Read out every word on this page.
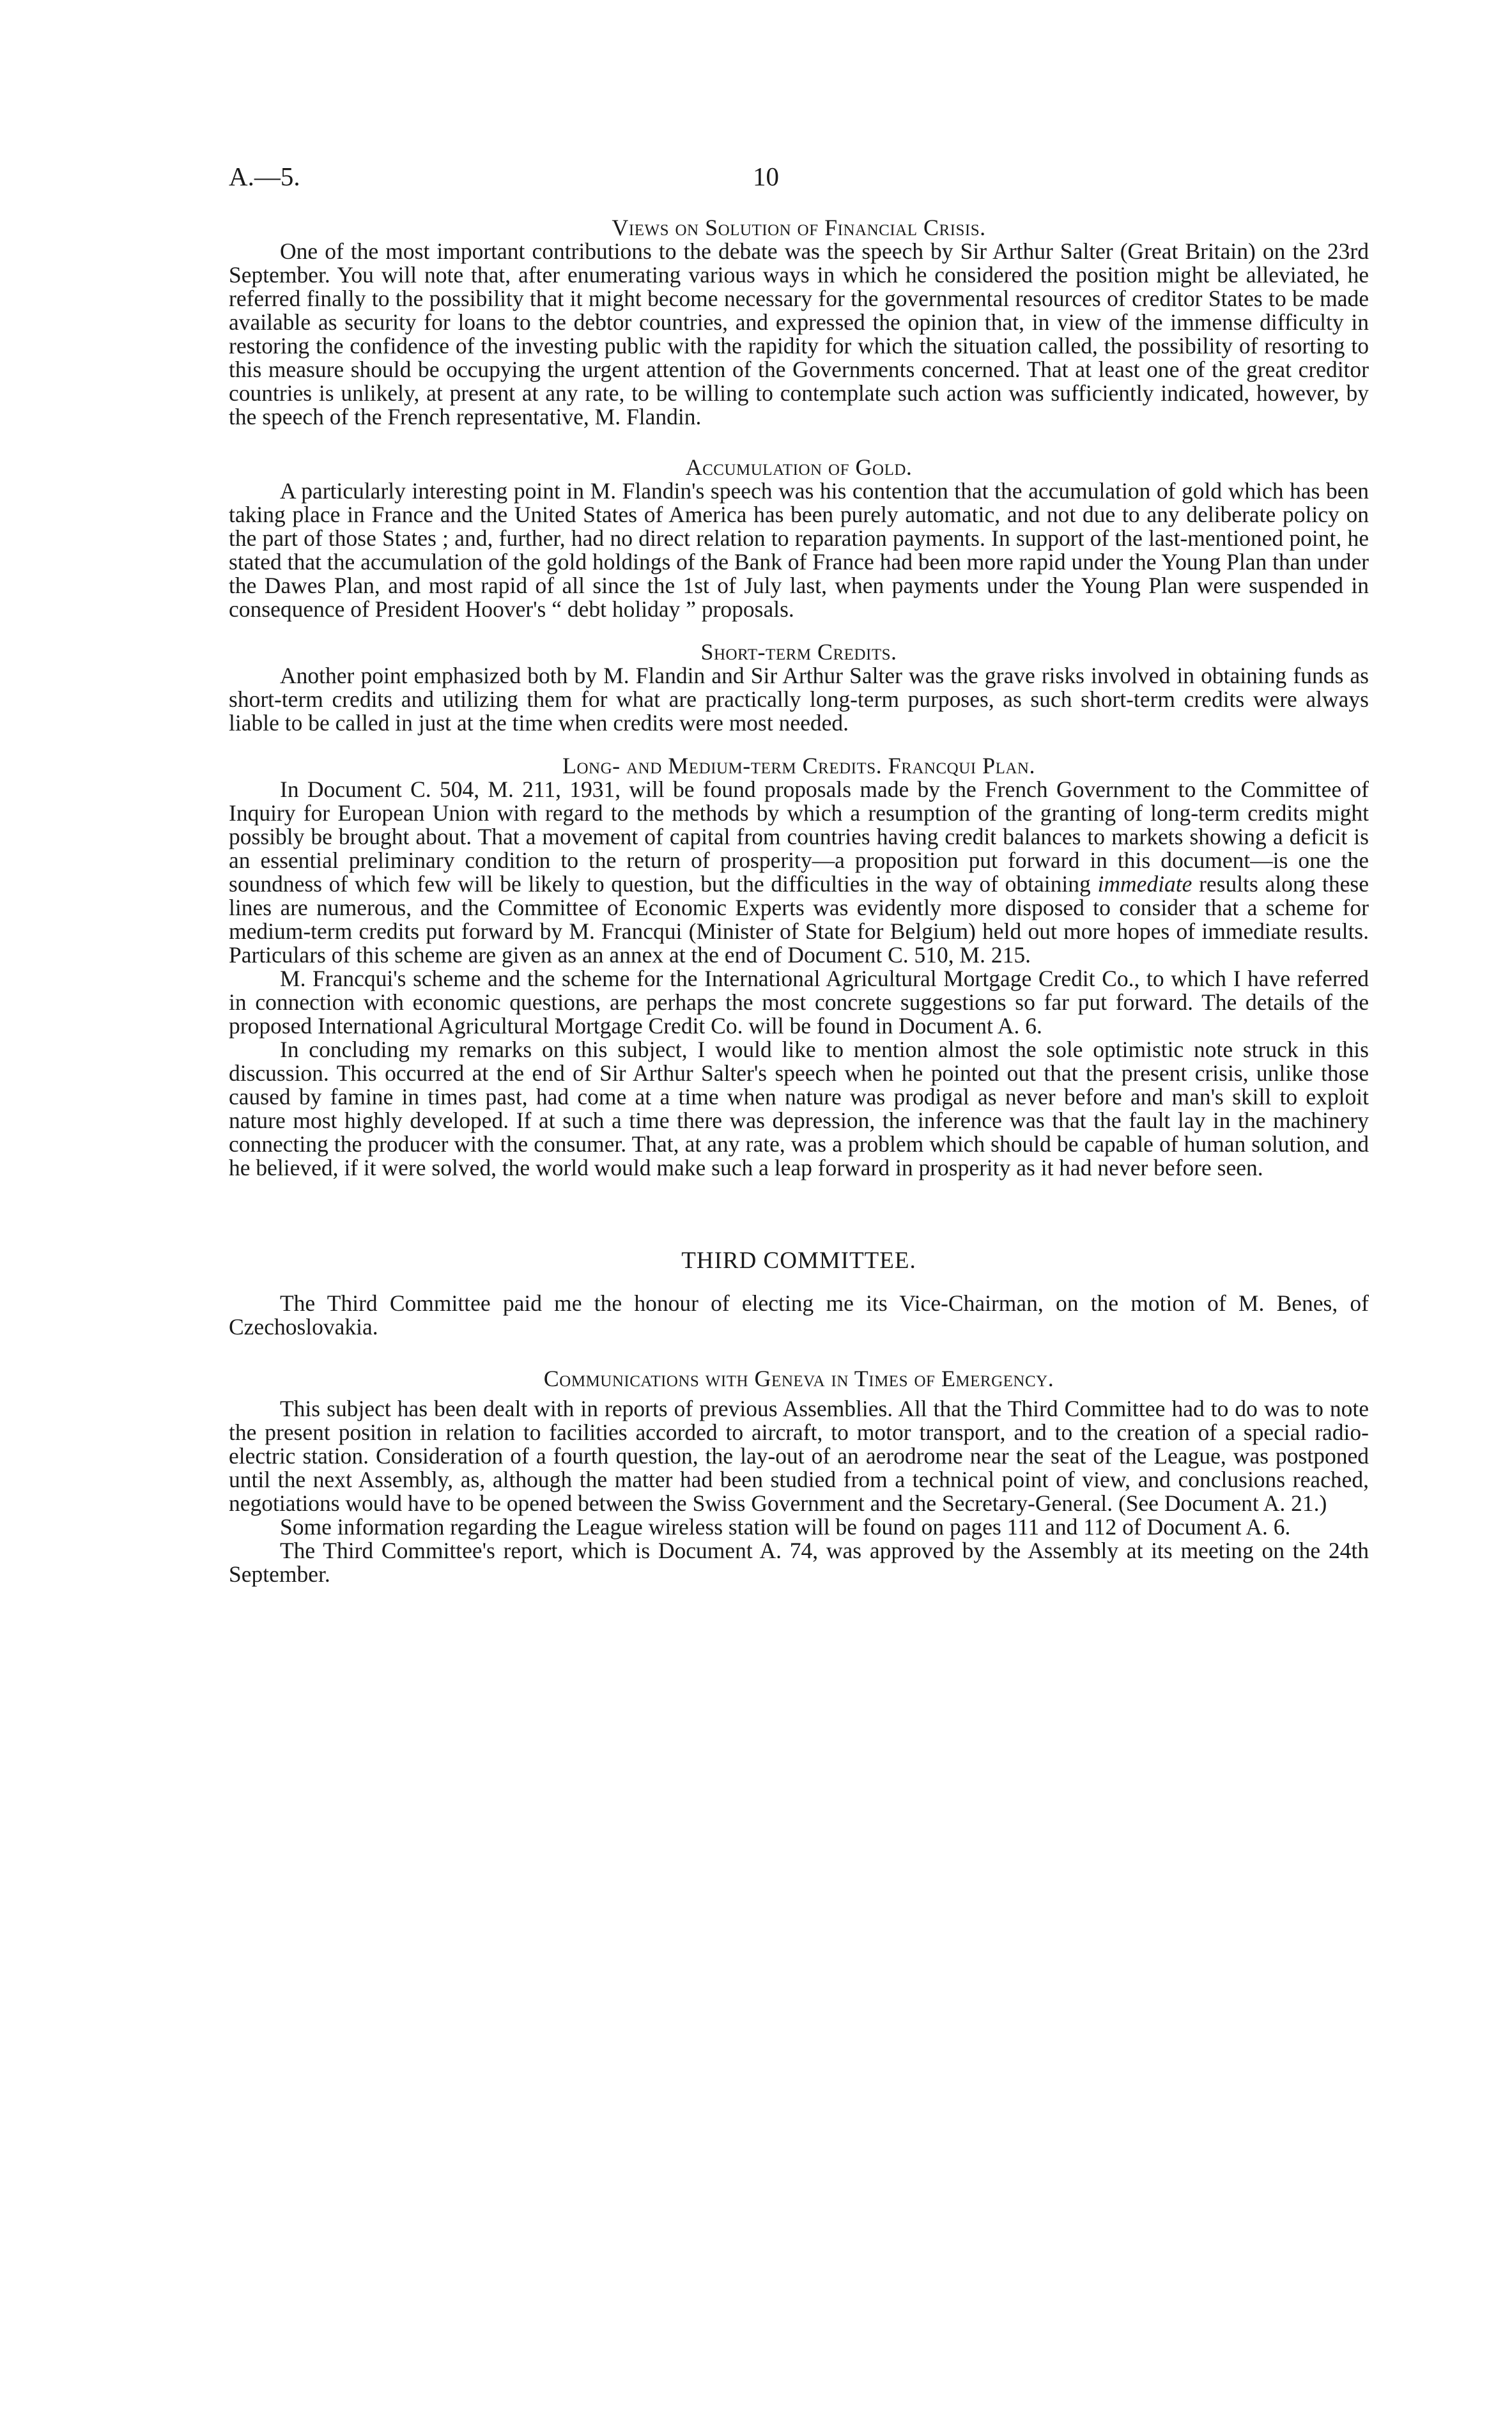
A.—5.	10
Views on Solution of Financial Crisis.

One of the most important contributions to the debate was the speech by Sir Arthur Salter (Great Britain) on the 23rd September. You will note that, after enumerating various ways in which he considered the position might be alleviated, he referred finally to the possibility that it might become necessary for the governmental resources of creditor States to be made available as security for loans to the debtor countries, and expressed the opinion that, in view of the immense difficulty in restoring the confidence of the investing public with the rapidity for which the situation called, the possibility of resorting to this measure should be occupying the urgent attention of the Governments concerned. That at least one of the great creditor countries is unlikely, at present at any rate, to be willing to contemplate such action was sufficiently indicated, however, by the speech of the French representative, M. Flandin.

Accumulation of Gold.

A particularly interesting point in M. Flandin's speech was his contention that the accumulation of gold which has been taking place in France and the United States of America has been purely automatic, and not due to any deliberate policy on the part of those States ; and, further, had no direct relation to reparation payments. In support of the last-mentioned point, he stated that the accumulation of the gold holdings of the Bank of France had been more rapid under the Young Plan than under the Dawes Plan, and most rapid of all since the 1st of July last, when payments under the Young Plan were suspended in consequence of President Hoover's “ debt holiday ” proposals.

Short-term Credits.

Another point emphasized both by M. Flandin and Sir Arthur Salter was the grave risks involved in obtaining funds as short-term credits and utilizing them for what are practically long-term purposes, as such short-term credits were always liable to be called in just at the time when credits were most needed.

Long- and Medium-term Credits. Francqui Plan.

In Document C. 504, M. 211, 1931, will be found proposals made by the French Government to the Committee of Inquiry for European Union with regard to the methods by which a resumption of the granting of long-term credits might possibly be brought about. That a movement of capital from countries having credit balances to markets showing a deficit is an essential preliminary condition to the return of prosperity—a proposition put forward in this document—is one the soundness of which few will be likely to question, but the difficulties in the way of obtaining immediate results along these lines are numerous, and the Committee of Economic Experts was evidently more disposed to consider that a scheme for medium-term credits put forward by M. Francqui (Minister of State for Belgium) held out more hopes of immediate results. Particulars of this scheme are given as an annex at the end of Document C. 510, M. 215.

M. Francqui's scheme and the scheme for the International Agricultural Mortgage Credit Co., to which I have referred in connection with economic questions, are perhaps the most concrete suggestions so far put forward. The details of the proposed International Agricultural Mortgage Credit Co. will be found in Document A. 6.

In concluding my remarks on this subject, I would like to mention almost the sole optimistic note struck in this discussion. This occurred at the end of Sir Arthur Salter's speech when he pointed out that the present crisis, unlike those caused by famine in times past, had come at a time when nature was prodigal as never before and man's skill to exploit nature most highly developed. If at such a time there was depression, the inference was that the fault lay in the machinery connecting the producer with the consumer. That, at any rate, was a problem which should be capable of human solution, and he believed, if it were solved, the world would make such a leap forward in prosperity as it had never before seen.

THIRD COMMITTEE.

The Third Committee paid me the honour of electing me its Vice-Chairman, on the motion of M. Benes, of Czechoslovakia.

Communications with Geneva in Times of Emergency.

This subject has been dealt with in reports of previous Assemblies. All that the Third Committee had to do was to note the present position in relation to facilities accorded to aircraft, to motor transport, and to the creation of a special radio-electric station. Consideration of a fourth question, the lay-out of an aerodrome near the seat of the League, was postponed until the next Assembly, as, although the matter had been studied from a technical point of view, and conclusions reached, negotiations would have to be opened between the Swiss Government and the Secretary-General. (See Document A. 21.)

Some information regarding the League wireless station will be found on pages 111 and 112 of Document A. 6.

The Third Committee's report, which is Document A. 74, was approved by the Assembly at its meeting on the 24th September.
